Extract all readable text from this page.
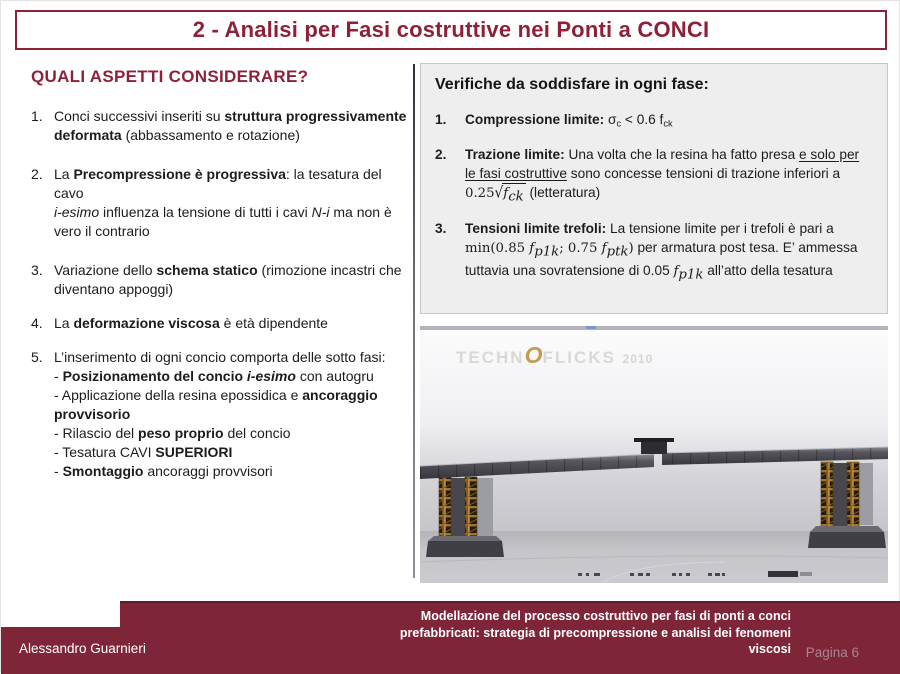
2 - Analisi per Fasi costruttive nei Ponti a CONCI
QUALI ASPETTI CONSIDERARE?
1. Conci successivi inseriti su struttura progressivamente deformata (abbassamento e rotazione)
2. La Precompressione è progressiva: la tesatura del cavo
i-esimo influenza la tensione di tutti i cavi N-i ma non è vero il contrario
3. Variazione dello schema statico (rimozione incastri che diventano appoggi)
4. La deformazione viscosa è età dipendente
5. L’inserimento di ogni concio comporta delle sotto fasi:
- Posizionamento del concio i-esimo con autogru
- Applicazione della resina epossidica e ancoraggio provvisorio
- Rilascio del peso proprio del concio
- Tesatura CAVI SUPERIORI
- Smontaggio ancoraggi provvisori
Verifiche da soddisfare in ogni fase:
1.	Compressione limite: $\sigma_c < 0.6$ $f_{ck}$
2.	Trazione limite: Una volta che la resina ha fatto presa e solo per le fasi costruttive sono concesse tensioni di trazione inferiori a 0.25√fck (letteratura)
3.	Tensioni limite trefoli: La tensione limite per i trefoli è pari a min(0.85 fp1k; 0.75 fptk) per armatura post tesa. E’ ammessa tuttavia una sovratensione di 0.05 fp1k all’atto della tesatura
TECHNOFLICKS 2010
Alessandro Guarnieri
Modellazione del processo costruttivo per fasi di ponti a conci
prefabbricati: strategia di precompressione e analisi dei fenomeni
viscosi Pagina 6
